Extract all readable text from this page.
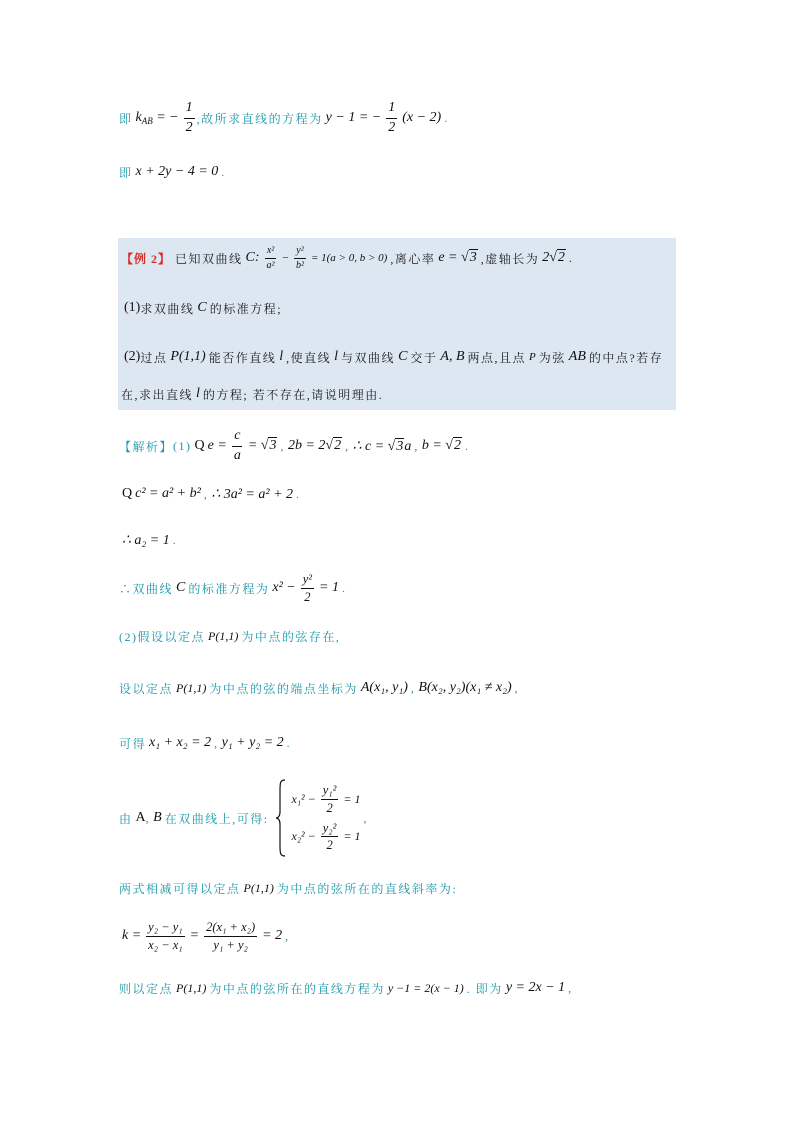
即 $k_{AB}$ = − $\frac{1}{2}$ ,故所求直线的方程为 y − 1 = − $\frac{1}{2} (x - 2)$ .
即 x + 2y − 4 = 0 .
【例 2】 已知双曲线 C: $\frac{\text{x²}}{\text{a²}} - \frac{\text{y²}}{\text{b²}} = 1(a > 0$, b > 0) ,离心率 e = √3 ,虚轴长为 2√2 .
(1) 求双曲线 C 的标准方程;
(2) 过点 P(1,1) 能否作直线 l ,使直线 l 与双曲线 C 交于 A, B 两点,且点 P 为弦 AB 的中点?若存
在,求出直线 l 的方程; 若不存在,请说明理由.
【解析】 (1) Q $e = \frac{c}{a} = √3$ , 2b = 2√2 , ∴ c = √3a , b = √2 .
Q c² = a² + b² , ∴ 3a² = a² + 2 .
∴ a₂ = 1 .
∴双曲线 C 的标准方程为 $x^2 - \frac{\text{y²}}{2} = 1$ .
(2)假设以定点 P(1,1) 为中点的弦存在,
设以定点 P(1,1) 为中点的弦的端点坐标为 A(x₁, y₁) , B(x₂, y₂)(x₁ ≠ x₂) ,
可得 x₁ + x₂ = 2 , y₁ + y₂ = 2 .
由 A , B 在双曲线上,可得:
$x_1^2 - \frac{\text{y₁²}}{2} = 1$
$x_2^2 - \frac{\text{y₂²}}{2} = 1$
,
两式相减可得以定点 P(1,1) 为中点的弦所在的直线斜率为:
$k = \frac{\text{y₂ − y₁}}{\text{x₂ − x₁}} = \frac{\text{2(x₁ + x₂)}}{\text{y₁ + y₂}} = 2$ ,
则以定点 P(1,1) 为中点的弦所在的直线方程为 y −1 = 2(x − 1) . 即为 y = 2x − 1 ,
